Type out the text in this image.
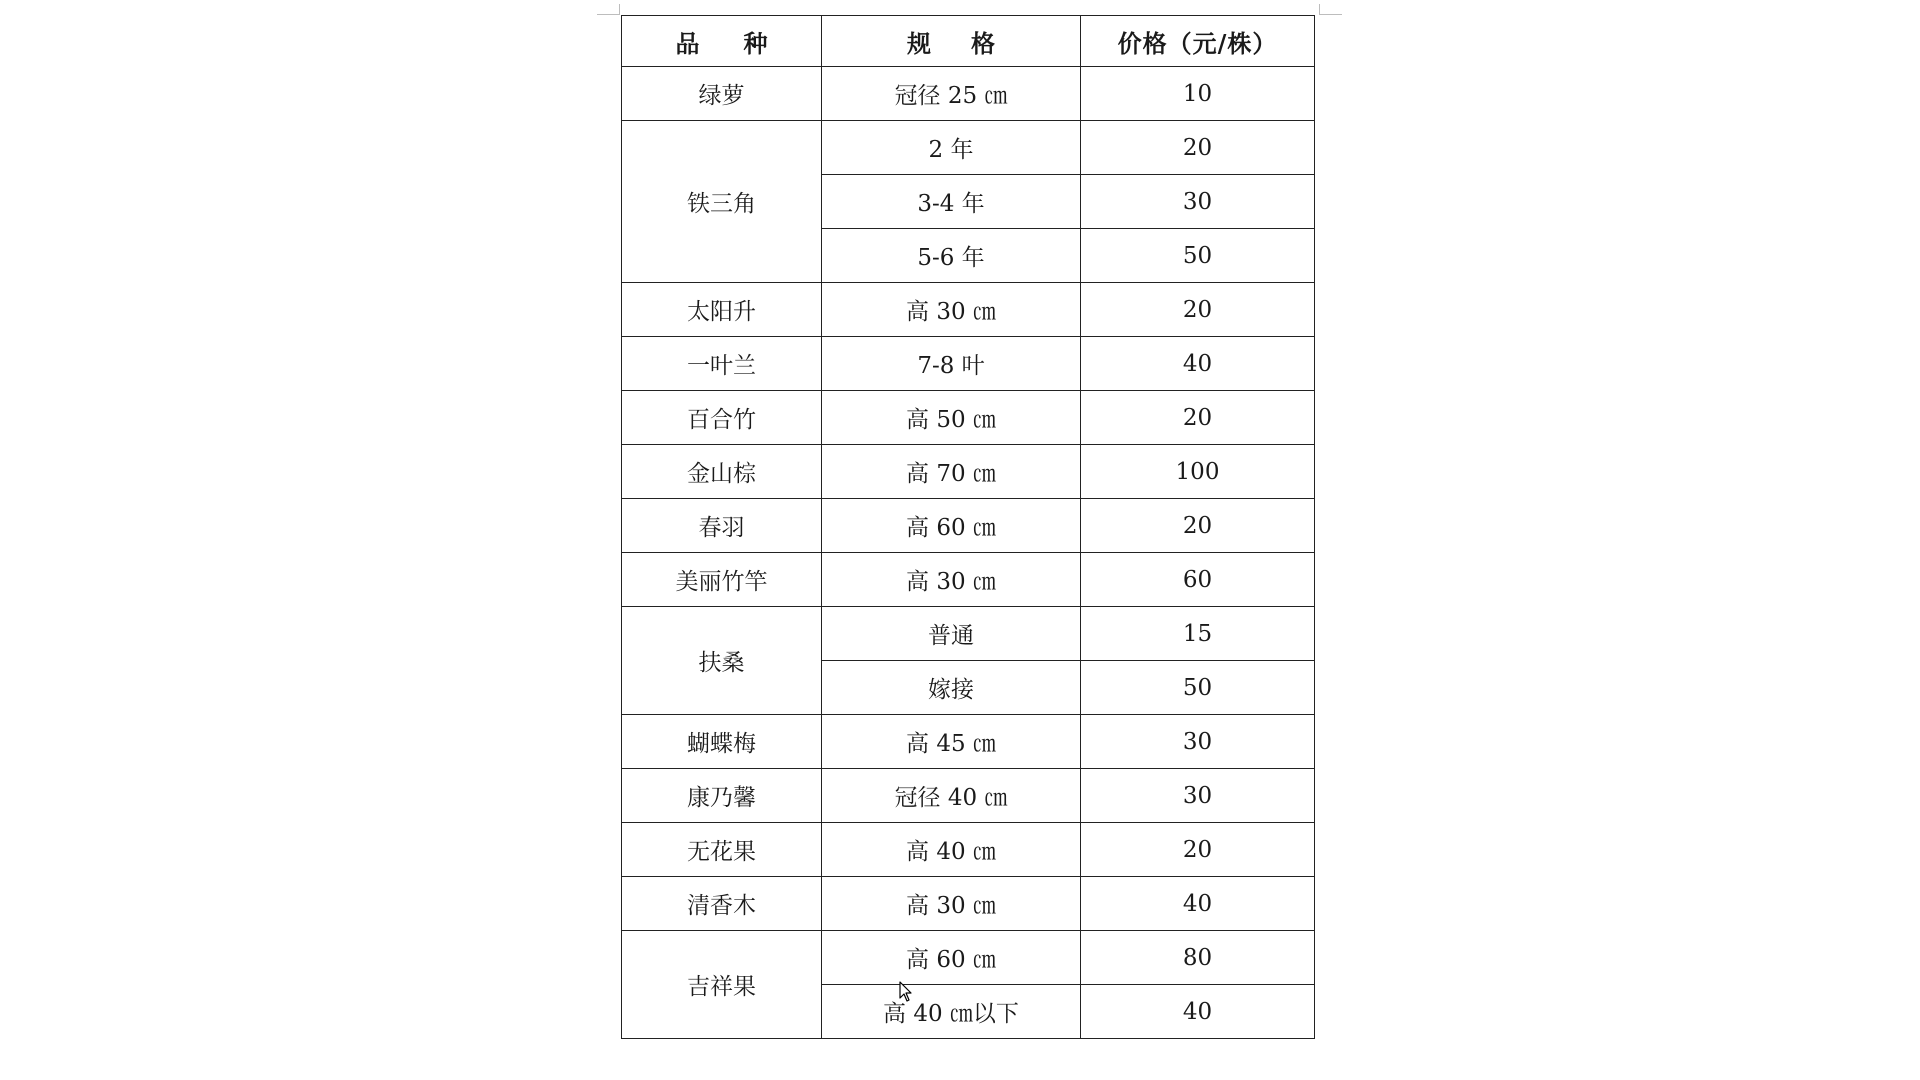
品种	规格	价格（元/株）
绿萝	冠径 25 ㎝	10
铁三角	2 年	20
	3-4 年	30
	5-6 年	50
太阳升	高 30 ㎝	20
一叶兰	7-8 叶	40
百合竹	高 50 ㎝	20
金山棕	高 70 ㎝	100
春羽	高 60 ㎝	20
美丽竹竿	高 30 ㎝	60
扶桑	普通	15
	嫁接	50
蝴蝶梅	高 45 ㎝	30
康乃馨	冠径 40 ㎝	30
无花果	高 40 ㎝	20
清香木	高 30 ㎝	40
吉祥果	高 60 ㎝	80
	高 40 ㎝以下	40
